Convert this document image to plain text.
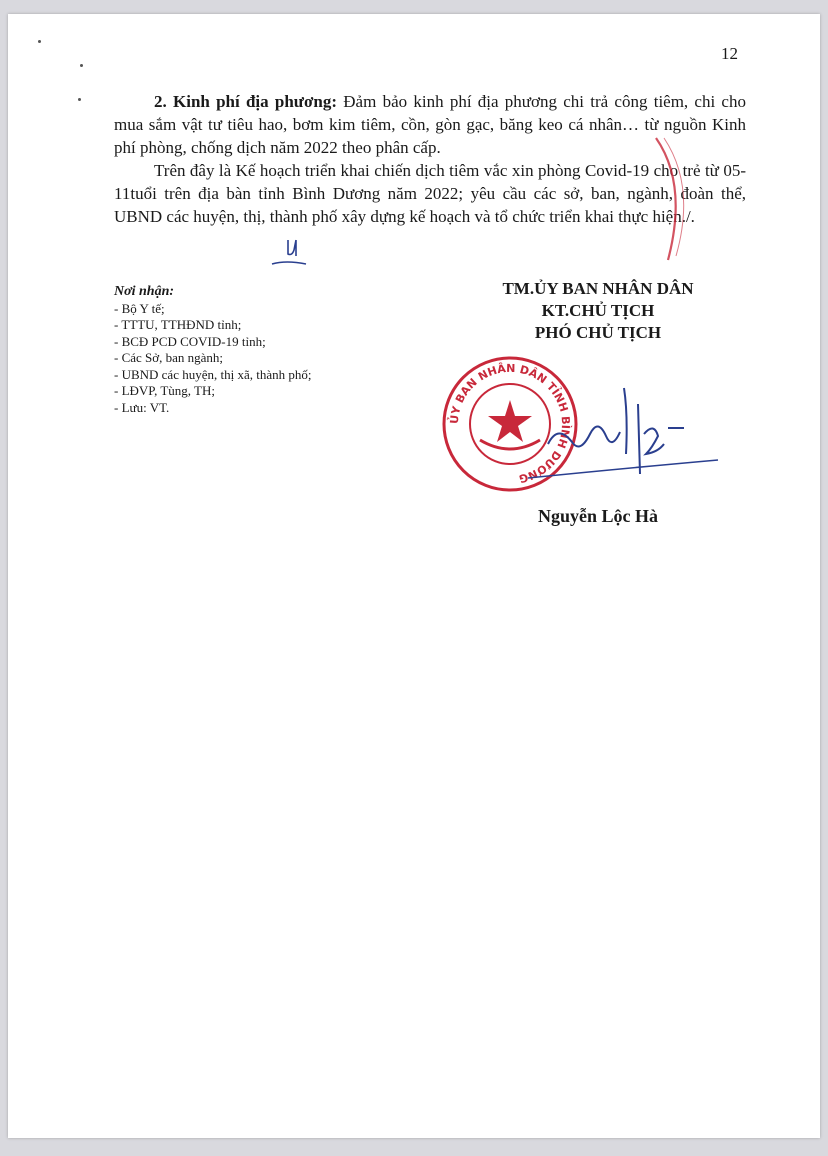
12

2. Kinh phí địa phương: Đảm bảo kinh phí địa phương chi trả công tiêm, chi cho mua sắm vật tư tiêu hao, bơm kim tiêm, cồn, gòn gạc, băng keo cá nhân… từ nguồn Kinh phí phòng, chống dịch năm 2022 theo phân cấp.

Trên đây là Kế hoạch triển khai chiến dịch tiêm vắc xin phòng Covid-19 cho trẻ từ 05-11tuổi trên địa bàn tỉnh Bình Dương năm 2022; yêu cầu các sở, ban, ngành, đoàn thể, UBND các huyện, thị, thành phố xây dựng kế hoạch và tổ chức triển khai thực hiện./.

Nơi nhận:
- Bộ Y tế;
- TTTU, TTHĐND tỉnh;
- BCĐ PCD COVID-19 tỉnh;
- Các Sở, ban ngành;
- UBND các huyện, thị xã, thành phố;
- LĐVP, Tùng, TH;
- Lưu: VT.
TM.ỦY BAN NHÂN DÂN
KT.CHỦ TỊCH
PHÓ CHỦ TỊCH
ỦY BAN NHÂN DÂN TỈNH BÌNH DƯƠNG
Nguyễn Lộc Hà
